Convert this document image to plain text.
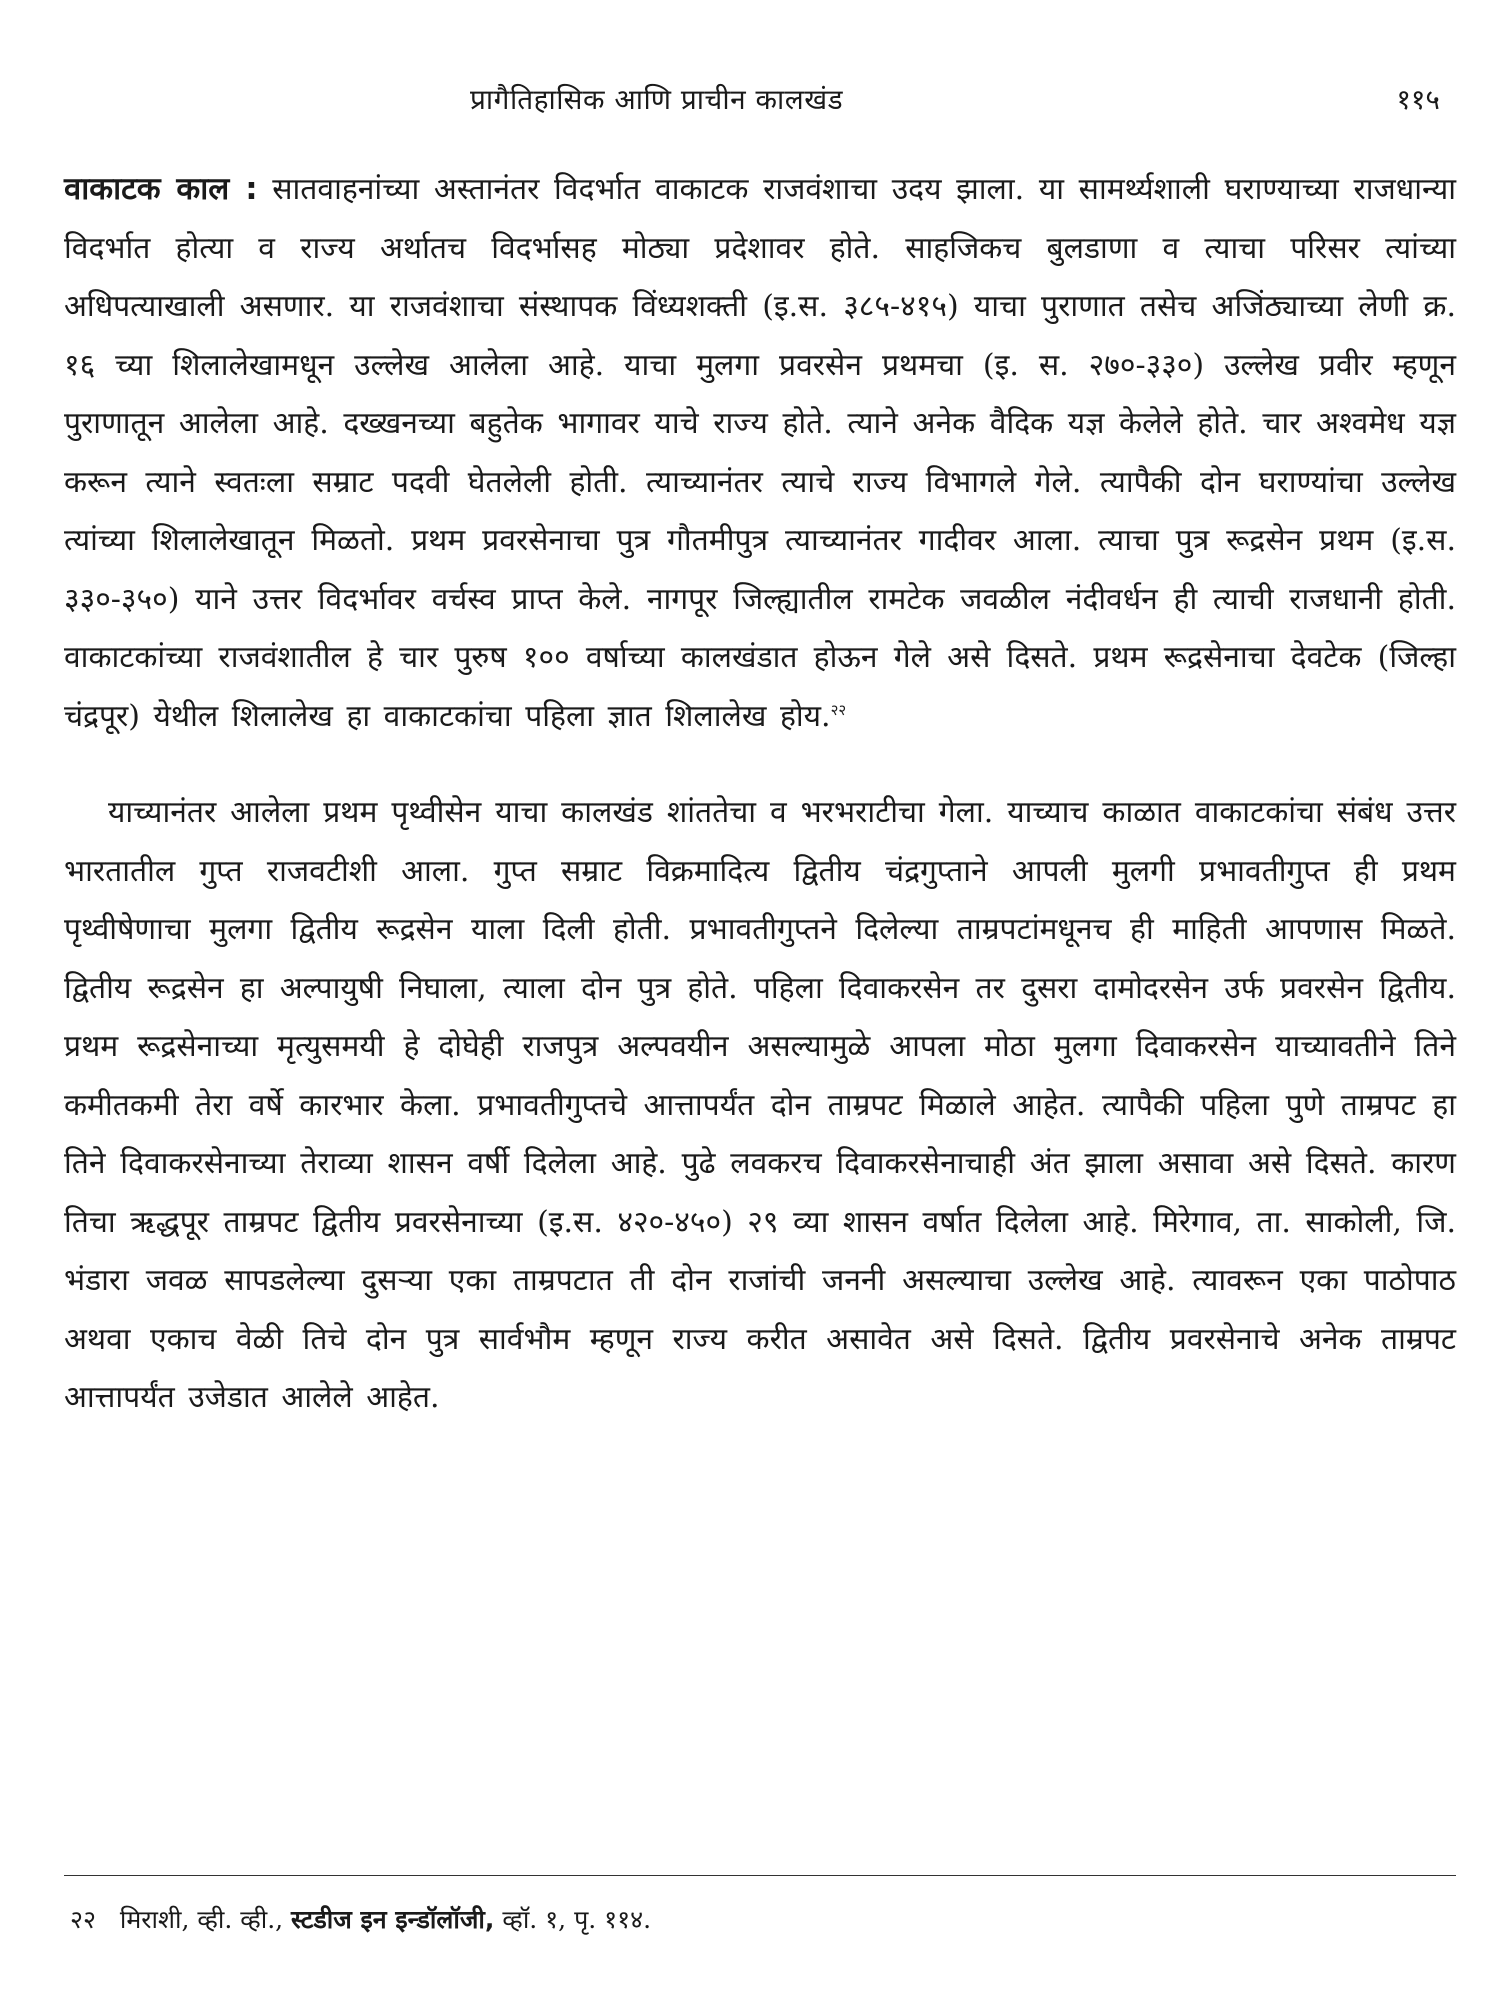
प्रागैतिहासिक आणि प्राचीन कालखंड	११५

वाकाटक काल : सातवाहनांच्या अस्तानंतर विदर्भात वाकाटक राजवंशाचा उदय झाला. या सामर्थ्यशाली घराण्याच्या राजधान्या विदर्भात होत्या व राज्य अर्थातच विदर्भासह मोठ्या प्रदेशावर होते. साहजिकच बुलडाणा व त्याचा परिसर त्यांच्या अधिपत्याखाली असणार. या राजवंशाचा संस्थापक विंध्यशक्ती (इ.स. ३८५-४१५) याचा पुराणात तसेच अजिंठ्याच्या लेणी क्र. १६ च्या शिलालेखामधून उल्लेख आलेला आहे. याचा मुलगा प्रवरसेन प्रथमचा (इ. स. २७०-३३०) उल्लेख प्रवीर म्हणून पुराणातून आलेला आहे. दख्खनच्या बहुतेक भागावर याचे राज्य होते. त्याने अनेक वैदिक यज्ञ केलेले होते. चार अश्वमेध यज्ञ करून त्याने स्वतःला सम्राट पदवी घेतलेली होती. त्याच्यानंतर त्याचे राज्य विभागले गेले. त्यापैकी दोन घराण्यांचा उल्लेख त्यांच्या शिलालेखातून मिळतो. प्रथम प्रवरसेनाचा पुत्र गौतमीपुत्र त्याच्यानंतर गादीवर आला. त्याचा पुत्र रूद्रसेन प्रथम (इ.स. ३३०-३५०) याने उत्तर विदर्भावर वर्चस्व प्राप्त केले. नागपूर जिल्ह्यातील रामटेक जवळील नंदीवर्धन ही त्याची राजधानी होती. वाकाटकांच्या राजवंशातील हे चार पुरुष १०० वर्षाच्या कालखंडात होऊन गेले असे दिसते. प्रथम रूद्रसेनाचा देवटेक (जिल्हा चंद्रपूर) येथील शिलालेख हा वाकाटकांचा पहिला ज्ञात शिलालेख होय.$^{२२}$

याच्यानंतर आलेला प्रथम पृथ्वीसेन याचा कालखंड शांततेचा व भरभराटीचा गेला. याच्याच काळात वाकाटकांचा संबंध उत्तर भारतातील गुप्त राजवटीशी आला. गुप्त सम्राट विक्रमादित्य द्वितीय चंद्रगुप्ताने आपली मुलगी प्रभावतीगुप्त ही प्रथम पृथ्वीषेणाचा मुलगा द्वितीय रूद्रसेन याला दिली होती. प्रभावतीगुप्तने दिलेल्या ताम्रपटांमधूनच ही माहिती आपणास मिळते. द्वितीय रूद्रसेन हा अल्पायुषी निघाला, त्याला दोन पुत्र होते. पहिला दिवाकरसेन तर दुसरा दामोदरसेन उर्फ प्रवरसेन द्वितीय. प्रथम रूद्रसेनाच्या मृत्युसमयी हे दोघेही राजपुत्र अल्पवयीन असल्यामुळे आपला मोठा मुलगा दिवाकरसेन याच्यावतीने तिने कमीतकमी तेरा वर्षे कारभार केला. प्रभावतीगुप्तचे आत्तापर्यंत दोन ताम्रपट मिळाले आहेत. त्यापैकी पहिला पुणे ताम्रपट हा तिने दिवाकरसेनाच्या तेराव्या शासन वर्षी दिलेला आहे. पुढे लवकरच दिवाकरसेनाचाही अंत झाला असावा असे दिसते. कारण तिचा ऋद्धपूर ताम्रपट द्वितीय प्रवरसेनाच्या (इ.स. ४२०-४५०) २९ व्या शासन वर्षात दिलेला आहे. मिरेगाव, ता. साकोली, जि. भंडारा जवळ सापडलेल्या दुसऱ्या एका ताम्रपटात ती दोन राजांची जननी असल्याचा उल्लेख आहे. त्यावरून एका पाठोपाठ अथवा एकाच वेळी तिचे दोन पुत्र सार्वभौम म्हणून राज्य करीत असावेत असे दिसते. द्वितीय प्रवरसेनाचे अनेक ताम्रपट आत्तापर्यंत उजेडात आलेले आहेत.

२२ मिराशी, व्ही. व्ही., स्टडीज इन इन्डॉलॉजी, व्हॉ. १, पृ. ११४.
